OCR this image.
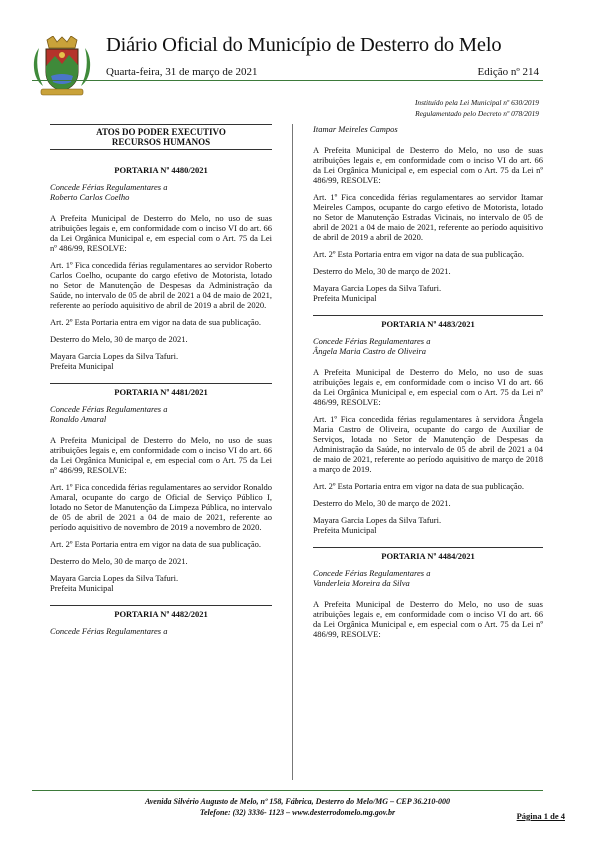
Diário Oficial do Município de Desterro do Melo
Quarta-feira, 31 de março de 2021	Edição nº 214
Instituído pela Lei Municipal nº 630/2019
Regulamentado pelo Decreto nº 078/2019
ATOS DO PODER EXECUTIVO
RECURSOS HUMANOS
PORTARIA Nº 4480/2021

Concede Férias Regulamentares a

Roberto Carlos Coelho

A Prefeita Municipal de Desterro do Melo, no uso de suas atribuições legais e, em conformidade com o inciso VI do art. 66 da Lei Orgânica Municipal e, em especial com o Art. 75 da Lei nº 486/99, RESOLVE:

Art. 1º Fica concedida férias regulamentares ao servidor Roberto Carlos Coelho, ocupante do cargo efetivo de Motorista, lotado no Setor de Manutenção de Despesas da Administração da Saúde, no intervalo de 05 de abril de 2021 a 04 de maio de 2021, referente ao período aquisitivo de abril de 2019 a abril de 2020.

Art. 2º Esta Portaria entra em vigor na data de sua publicação.

Desterro do Melo, 30 de março de 2021.

Mayara Garcia Lopes da Silva Tafuri.

Prefeita Municipal

PORTARIA Nº 4481/2021

Concede Férias Regulamentares a

Ronaldo Amaral

A Prefeita Municipal de Desterro do Melo, no uso de suas atribuições legais e, em conformidade com o inciso VI do art. 66 da Lei Orgânica Municipal e, em especial com o Art. 75 da Lei nº 486/99, RESOLVE:

Art. 1º Fica concedida férias regulamentares ao servidor Ronaldo Amaral, ocupante do cargo de Oficial de Serviço Público I, lotado no Setor de Manutenção da Limpeza Pública, no intervalo de 05 de abril de 2021 a 04 de maio de 2021, referente ao período aquisitivo de novembro de 2019 a novembro de 2020.

Art. 2º Esta Portaria entra em vigor na data de sua publicação.

Desterro do Melo, 30 de março de 2021.

Mayara Garcia Lopes da Silva Tafuri.

Prefeita Municipal

PORTARIA Nº 4482/2021

Concede Férias Regulamentares a

Itamar Meireles Campos

A Prefeita Municipal de Desterro do Melo, no uso de suas atribuições legais e, em conformidade com o inciso VI do art. 66 da Lei Orgânica Municipal e, em especial com o Art. 75 da Lei nº 486/99, RESOLVE:

Art. 1º Fica concedida férias regulamentares ao servidor Itamar Meireles Campos, ocupante do cargo efetivo de Motorista, lotado no Setor de Manutenção Estradas Vicinais, no intervalo de 05 de abril de 2021 a 04 de maio de 2021, referente ao período aquisitivo de abril de 2019 a abril de 2020.

Art. 2º Esta Portaria entra em vigor na data de sua publicação.

Desterro do Melo, 30 de março de 2021.

Mayara Garcia Lopes da Silva Tafuri.

Prefeita Municipal

PORTARIA Nº 4483/2021

Concede Férias Regulamentares a

Ângela Maria Castro de Oliveira

A Prefeita Municipal de Desterro do Melo, no uso de suas atribuições legais e, em conformidade com o inciso VI do art. 66 da Lei Orgânica Municipal e, em especial com o Art. 75 da Lei nº 486/99, RESOLVE:

Art. 1º Fica concedida férias regulamentares à servidora Ângela Maria Castro de Oliveira, ocupante do cargo de Auxiliar de Serviços, lotada no Setor de Manutenção de Despesas da Administração da Saúde, no intervalo de 05 de abril de 2021 a 04 de maio de 2021, referente ao período aquisitivo de março de 2018 a março de 2019.

Art. 2º Esta Portaria entra em vigor na data de sua publicação.

Desterro do Melo, 30 de março de 2021.

Mayara Garcia Lopes da Silva Tafuri.

Prefeita Municipal

PORTARIA Nº 4484/2021

Concede Férias Regulamentares a

Vanderleia Moreira da Silva

A Prefeita Municipal de Desterro do Melo, no uso de suas atribuições legais e, em conformidade com o inciso VI do art. 66 da Lei Orgânica Municipal e, em especial com o Art. 75 da Lei nº 486/99, RESOLVE:

Avenida Silvério Augusto de Melo, nº 158, Fábrica, Desterro do Melo/MG – CEP 36.210-000
Telefone: (32) 3336- 1123 – www.desterrodomelo.mg.gov.br	Página 1 de 4
